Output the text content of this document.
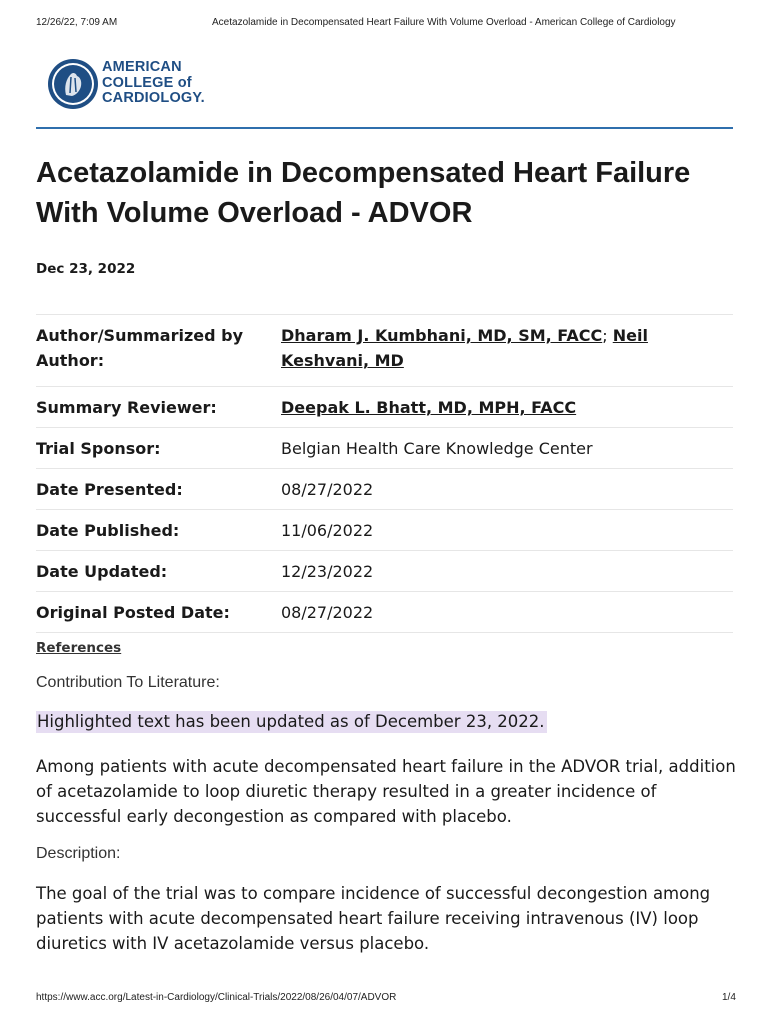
12/26/22, 7:09 AM	Acetazolamide in Decompensated Heart Failure With Volume Overload - American College of Cardiology
AMERICAN
COLLEGE of
CARDIOLOGY.
Acetazolamide in Decompensated Heart Failure With Volume Overload - ADVOR
Dec 23, 2022
Author/Summarized by Author:
Dharam J. Kumbhani, MD, SM, FACC; Neil Keshvani, MD
Summary Reviewer:	Deepak L. Bhatt, MD, MPH, FACC
Trial Sponsor:	Belgian Health Care Knowledge Center
Date Presented:	08/27/2022
Date Published:	11/06/2022
Date Updated:	12/23/2022
Original Posted Date:	08/27/2022
References
Contribution To Literature:
Highlighted text has been updated as of December 23, 2022.
Among patients with acute decompensated heart failure in the ADVOR trial, addition of acetazolamide to loop diuretic therapy resulted in a greater incidence of successful early decongestion as compared with placebo.
Description:
The goal of the trial was to compare incidence of successful decongestion among patients with acute decompensated heart failure receiving intravenous (IV) loop diuretics with IV acetazolamide versus placebo.
https://www.acc.org/Latest-in-Cardiology/Clinical-Trials/2022/08/26/04/07/ADVOR	1/4
